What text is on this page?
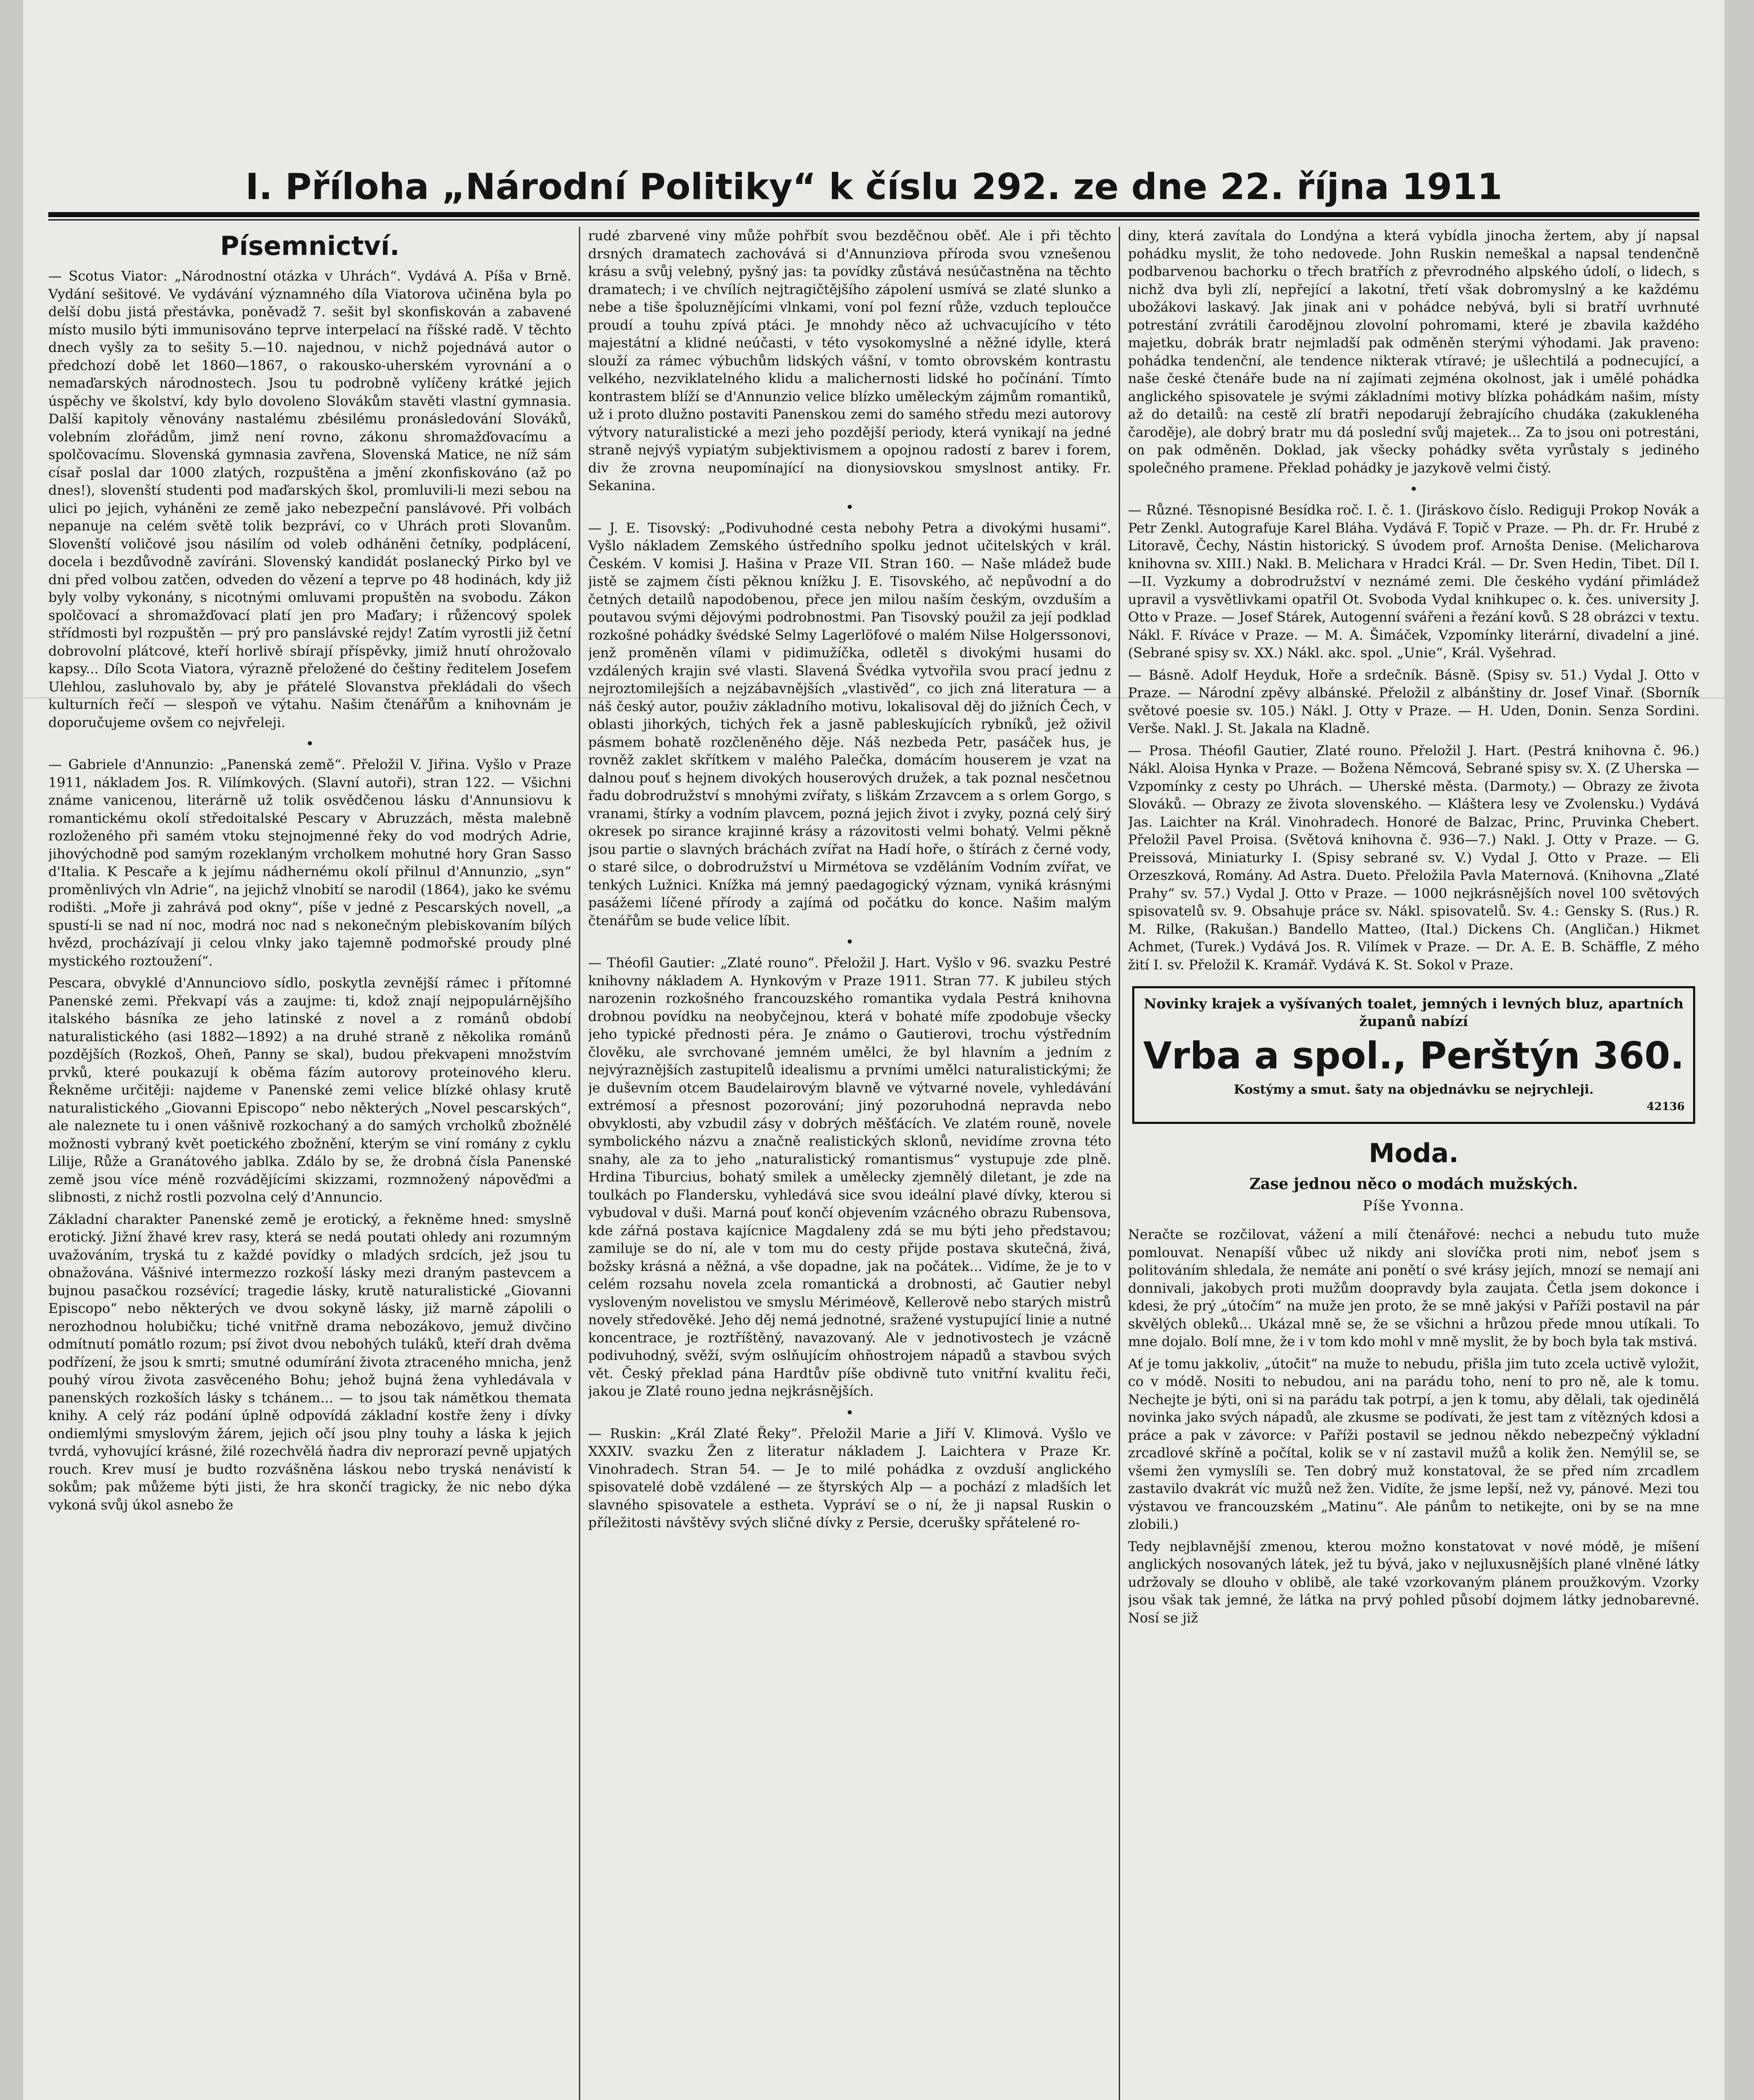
I. Příloha „Národní Politiky“ k číslu 292. ze dne 22. října 1911
Písemnictví.

— Scotus Viator: „Národnostní otázka v Uhrách“. Vydává A. Píša v Brně. Vydání sešitové. Ve vydávání významného díla Viatorova učiněna byla po delší dobu jistá přestávka, poněvadž 7. sešit byl skonfiskován a zabavené místo musilo býti immunisováno teprve interpelací na říšské radě. V těchto dnech vyšly za to sešity 5.—10. najednou, v nichž pojednává autor o předchozí době let 1860—1867, o rakousko-uherském vyrovnání a o nemaďarských národnostech. Jsou tu podrobně vylíčeny krátké jejich úspěchy ve školství, kdy bylo dovoleno Slovákům stavěti vlastní gymnasia. Další kapitoly věnovány nastalému zbésilému pronásledování Slováků, volebním zlořádům, jimž není rovno, zákonu shromažďovacímu a spolčovacímu. Slovenská gymnasia zavřena, Slovenská Matice, ne níž sám císař poslal dar 1000 zlatých, rozpuštěna a jmění zkonfiskováno (až po dnes!), slovenští studenti pod maďarských škol, promluvili-li mezi sebou na ulici po jejich, vyháněni ze země jako nebezpeční panslávové. Při volbách nepanuje na celém světě tolik bezpráví, co v Uhrách proti Slovanům. Slovenští voličové jsou násilím od voleb odháněni četníky, podplácení, docela i bezdůvodně zavíráni. Slovenský kandidát poslanecký Pirko byl ve dni před volbou zatčen, odveden do vězení a teprve po 48 hodinách, kdy již byly volby vykonány, s nicotnými omluvami propuštěn na svobodu. Zákon spolčovací a shromažďovací platí jen pro Maďary; i růžencový spolek střídmosti byl rozpuštěn — prý pro panslávské rejdy! Zatím vyrostli již četní dobrovolní plátcové, kteří horlivě sbírají příspěvky, jimiž hnutí ohrožovalo kapsy... Dílo Scota Viatora, výrazně přeložené do češtiny ředitelem Josefem Ulehlou, zasluhovalo by, aby je přátelé Slovanstva překládali do všech kulturních řečí — slespoň ve výtahu. Našim čtenářům a knihovnám je doporučujeme ovšem co nejvřeleji.

•

— Gabriele d'Annunzio: „Panenská země“. Přeložil V. Jiřina. Vyšlo v Praze 1911, nákladem Jos. R. Vilímkových. (Slavní autoři), stran 122. — Všichni známe vanicenou, literárně už tolik osvědčenou lásku d'Annunsiovu k romantickému okolí středoitalské Pescary v Abruzzách, města malebně rozloženého při samém vtoku stejnojmenné řeky do vod modrých Adrie, jihovýchodně pod samým rozeklaným vrcholkem mohutné hory Gran Sasso d'Italia. K Pescaře a k jejímu nádhernému okolí přilnul d'Annunzio, „syn“ proměnlivých vln Adrie“, na jejichž vlnobití se narodil (1864), jako ke svému rodišti. „Moře ji zahrává pod okny“, píše v jedné z Pescarských novell, „a spustí-li se nad ní noc, modrá noc nad s nekonečným plebiskovaním bílých hvězd, procházívají ji celou vlnky jako tajemně podmořské proudy plné mystického roztoužení“.

Pescara, obvyklé d'Annunciovo sídlo, poskytla zevnější rámec i přítomné Panenské zemi. Překvapí vás a zaujme: ti, kdož znají nejpopulárnějšího italského básníka ze jeho latinské z novel a z románů období naturalistického (asi 1882—1892) a na druhé straně z několika románů pozdějších (Rozkoš, Oheň, Panny se skal), budou překvapeni množstvím prvků, které poukazují k oběma fázím autorovy proteinového kleru. Řekněme určitěji: najdeme v Panenské zemi velice blízké ohlasy krutě naturalistického „Giovanni Episcopo“ nebo některých „Novel pescarských“, ale naleznete tu i onen vášnivě rozkochaný a do samých vrcholků zbožnělé možnosti vybraný květ poetického zbožnění, kterým se viní romány z cyklu Lilije, Růže a Granátového jablka. Zdálo by se, že drobná čísla Panenské země jsou více méně rozvádějícími skizzami, rozmnožený nápověďmi a slibnosti, z nichž rostli pozvolna celý d'Annuncio.

Základní charakter Panenské země je erotický, a řekněme hned: smyslně erotický. Jižní žhavé krev rasy, která se nedá poutati ohledy ani rozumným uvažováním, tryská tu z každé povídky o mladých srdcích, jež jsou tu obnažována. Vášnivé intermezzo rozkoší lásky mezi draným pastevcem a bujnou pasačkou rozsévící; tragedie lásky, krutě naturalistické „Giovanni Episcopo“ nebo některých ve dvou sokyně lásky, již marně zápolili o nerozhodnou holubičku; tiché vnitřně drama nebozákovo, jemuž divčino odmítnutí pomátlo rozum; psí život dvou nebohých tuláků, kteří drah dvěma podřízení, že jsou k smrti; smutné odumírání života ztraceného mnicha, jenž pouhý vírou života zasvěceného Bohu; jehož bujná žena vyhledávala v panenských rozkoších lásky s tchánem... — to jsou tak námětkou themata knihy. A celý ráz podání úplně odpovídá základní kostře ženy i dívky ondiemlými smyslovým žárem, jejich očí jsou plny touhy a láska k jejich tvrdá, vyhovující krásné, žilé rozechvělá ňadra div neprorazí pevně upjatých rouch. Krev musí je budto rozvášněna láskou nebo tryská nenávistí k sokům; pak můžeme býti jisti, že hra skončí tragicky, že nic nebo dýka vykoná svůj úkol asnebo že

rudé zbarvené viny může pohřbít svou bezděčnou oběť. Ale i při těchto drsných dramatech zachovává si d'Annunziova příroda svou vznešenou krásu a svůj velebný, pyšný jas: ta povídky zůstává nesúčastněna na těchto dramatech; i ve chvílích nejtragičtějšího zápolení usmívá se zlaté slunko a nebe a tiše špoluznějícími vlnkami, voní pol fezní růže, vzduch teploučce proudí a touhu zpívá ptáci. Je mnohdy něco až uchvacujícího v této majestátní a klidné neúčasti, v této vysokomyslné a něžné idylle, která slouží za rámec výbuchům lidských vášní, v tomto obrovském kontrastu velkého, nezviklatelného klidu a malichernosti lidské ho počínání. Tímto kontrastem blíží se d'Annunzio velice blízko uměleckým zájmům romantiků, už i proto dlužno postaviti Panenskou zemi do samého středu mezi autorovy výtvory naturalistické a mezi jeho pozdější periody, která vynikají na jedné straně nejvýš vypiatým subjektivismem a opojnou radostí z barev i forem, div že zrovna neupomínající na dionysiovskou smyslnost antiky. Fr. Sekanina.

•

— J. E. Tisovský: „Podivuhodné cesta nebohy Petra a divokými husami“. Vyšlo nákladem Zemského ústředního spolku jednot učitelských v král. Českém. V komisi J. Hašina v Praze VII. Stran 160. — Naše mládež bude jistě se zajmem čísti pěknou knížku J. E. Tisovského, ač nepůvodní a do četných detailů napodobenou, přece jen milou naším českým, ovzduším a poutavou svými dějovými podrobnostmi. Pan Tisovský použil za její podklad rozkošné pohádky švédské Selmy Lagerlöfové o malém Nilse Holgerssonovi, jenž proměněn vílami v pidimužíčka, odletěl s divokými husami do vzdálených krajin své vlasti. Slavená Švédka vytvořila svou prací jednu z nejroztomilejších a nejzábavnějších „vlastivěd“, co jich zná literatura — a náš český autor, použiv základního motivu, lokalisoval děj do jižních Čech, v oblasti jihorkých, tichých řek a jasně pableskujících rybníků, jež oživil pásmem bohatě rozčleněného děje. Náš nezbeda Petr, pasáček hus, je rovněž zaklet skřítkem v malého Palečka, domácím houserem je vzat na dalnou pouť s hejnem divokých houserových družek, a tak poznal nesčetnou řadu dobrodružství s mnohými zvířaty, s liškám Zrzavcem a s orlem Gorgo, s vranami, štírky a vodním plavcem, pozná jejich život i zvyky, pozná celý širý okresek po sirance krajinné krásy a rázovitosti velmi bohatý. Velmi pěkně jsou partie o slavných bráchách zvířat na Hadí hoře, o štírách z černé vody, o staré silce, o dobrodružství u Mirmétova se vzděláním Vodním zvířat, ve tenkých Lužnici. Knížka má jemný paedagogický význam, vyniká krásnými pasážemi líčené přírody a zajímá od počátku do konce. Našim malým čtenářům se bude velice líbit.

•

— Théofil Gautier: „Zlaté rouno“. Přeložil J. Hart. Vyšlo v 96. svazku Pestré knihovny nákladem A. Hynkovým v Praze 1911. Stran 77. K jubileu stých narozenin rozkošného francouzského romantika vydala Pestrá knihovna drobnou povídku na neobyčejnou, která v bohaté mífe zpodobuje všecky jeho typické přednosti péra. Je známo o Gautierovi, trochu výstředním člověku, ale svrchované jemném umělci, že byl hlavním a jedním z nejvýraznějších zastupitelů idealismu a prvními umělci naturalistickými; že je duševním otcem Baudelairovým blavně ve výtvarné novele, vyhledávání extrémosí a přesnost pozorování; jiný pozoruhodná nepravda nebo obvyklosti, aby vzbudil zásy v dobrých měšťácích. Ve zlatém rouně, novele symbolického názvu a značně realistických sklonů, nevidíme zrovna této snahy, ale za to jeho „naturalistický romantismus“ vystupuje zde plně. Hrdina Tiburcius, bohatý smilek a umělecky zjemnělý diletant, je zde na toulkách po Flandersku, vyhledává sice svou ideální plavé dívky, kterou si vybudoval v duši. Marná pouť končí objevením vzácného obrazu Rubensova, kde zářná postava kajícnice Magdaleny zdá se mu býti jeho představou; zamiluje se do ní, ale v tom mu do cesty přijde postava skutečná, živá, božsky krásná a něžná, a vše dopadne, jak na počátek... Vidíme, že je to v celém rozsahu novela zcela romantická a drobnosti, ač Gautier nebyl vysloveným novelistou ve smyslu Mériméově, Kellerově nebo starých mistrů novely středověké. Jeho děj nemá jednotné, sražené vystupující linie a nutné koncentrace, je roztříštěný, navazovaný. Ale v jednotivostech je vzácně podivuhodný, svěží, svým oslňujícím ohňostrojem nápadů a stavbou svých vět. Český překlad pána Hardtův píše obdivně tuto vnitřní kvalitu řeči, jakou je Zlaté rouno jedna nejkrásnějších.

•

— Ruskin: „Král Zlaté Řeky“. Přeložil Marie a Jiří V. Klimová. Vyšlo ve XXXIV. svazku Žen z literatur nákladem J. Laichtera v Praze Kr. Vinohradech. Stran 54. — Je to milé pohádka z ovzduší anglického spisovatelé době vzdálené — ze štyrských Alp — a pochází z mladších let slavného spisovatele a estheta. Vypráví se o ní, že ji napsal Ruskin o příležitosti návštěvy svých sličné dívky z Persie, dcerušky spřátelené ro-

diny, která zavítala do Londýna a která vybídla jinocha žertem, aby jí napsal pohádku myslit, že toho nedovede. John Ruskin nemeškal a napsal tendenčně podbarvenou bachorku o třech bratřích z převrodného alpského údolí, o lidech, s nichž dva byli zlí, nepřející a lakotní, třetí však dobromyslný a ke každému ubožákovi laskavý. Jak jinak ani v pohádce nebývá, byli si bratří uvrhnuté potrestání zvrátili čarodějnou zlovolní pohromami, které je zbavila každého majetku, dobrák bratr nejmladší pak odměněn sterými výhodami. Jak praveno: pohádka tendenční, ale tendence nikterak vtíravé; je ušlechtilá a podnecující, a naše české čtenáře bude na ní zajímati zejména okolnost, jak i umělé pohádka anglického spisovatele je svými základními motivy blízka pohádkám našim, místy až do detailů: na cestě zlí bratři nepodarují žebrajícího chudáka (zakuklenéha čaroděje), ale dobrý bratr mu dá poslední svůj majetek... Za to jsou oni potrestáni, on pak odměněn. Doklad, jak všecky pohádky světa vyrůstaly s jediného společného pramene. Překlad pohádky je jazykově velmi čistý.

•

— Různé. Těsnopisné Besídka roč. I. č. 1. (Jiráskovo číslo. Rediguji Prokop Novák a Petr Zenkl. Autografuje Karel Bláha. Vydává F. Topič v Praze. — Ph. dr. Fr. Hrubé z Litoravě, Čechy, Nástin historický. S úvodem prof. Arnošta Denise. (Melicharova knihovna sv. XIII.) Nakl. B. Melichara v Hradci Král. — Dr. Sven Hedin, Tibet. Díl I.—II. Vyzkumy a dobrodružství v neznámé zemi. Dle českého vydání přimládež upravil a vysvětlivkami opatřil Ot. Svoboda Vydal knihkupec o. k. čes. university J. Otto v Praze. — Josef Stárek, Autogenní svářeni a řezání kovů. S 28 obrázci v textu. Nákl. F. Ríváce v Praze. — M. A. Šimáček, Vzpomínky literární, divadelní a jiné. (Sebrané spisy sv. XX.) Nákl. akc. spol. „Unie“, Král. Vyšehrad.

— Básně. Adolf Heyduk, Hoře a srdečník. Básně. (Spisy sv. 51.) Vydal J. Otto v Praze. — Národní zpěvy albánské. Přeložil z albánštiny dr. Josef Vinař. (Sborník světové poesie sv. 105.) Nákl. J. Otty v Praze. — H. Uden, Donin. Senza Sordini. Verše. Nakl. J. St. Jakala na Kladně.

— Prosa. Théofil Gautier, Zlaté rouno. Přeložil J. Hart. (Pestrá knihovna č. 96.) Nákl. Aloisa Hynka v Praze. — Božena Němcová, Sebrané spisy sv. X. (Z Uherska — Vzpomínky z cesty po Uhrách. — Uherské města. (Darmoty.) — Obrazy ze života Slováků. — Obrazy ze života slovenského. — Kláštera lesy ve Zvolensku.) Vydává Jas. Laichter na Král. Vinohradech. Honoré de Balzac, Princ, Pruvinka Chebert. Přeložil Pavel Proisa. (Světová knihovna č. 936—7.) Nakl. J. Otty v Praze. — G. Preissová, Miniaturky I. (Spisy sebrané sv. V.) Vydal J. Otto v Praze. — Eli Orzeszková, Romány. Ad Astra. Dueto. Přeložila Pavla Maternová. (Knihovna „Zlaté Prahy“ sv. 57.) Vydal J. Otto v Praze. — 1000 nejkrásnějších novel 100 světových spisovatelů sv. 9. Obsahuje práce sv. Nákl. spisovatelů. Sv. 4.: Gensky S. (Rus.) R. M. Rilke, (Rakušan.) Bandello Matteo, (Ital.) Dickens Ch. (Angličan.) Hikmet Achmet, (Turek.) Vydává Jos. R. Vilímek v Praze. — Dr. A. E. B. Schäffle, Z mého žití I. sv. Přeložil K. Kramář. Vydává K. St. Sokol v Praze.

Novinky krajek a vyšívaných toalet, jemných i levných bluz, apartních županů nabízí
Vrba a spol., Perštýn 360.
Kostýmy a smut. šaty na objednávku se nejrychleji.
42136
Moda.
Zase jednou něco o modách mužských.
Píše Yvonna.

Neračte se rozčilovat, vážení a milí čtenářové: nechci a nebudu tuto muže pomlouvat. Nenapíší vůbec už nikdy ani slovíčka proti nim, neboť jsem s politováním shledala, že nemáte ani ponětí o své krásy jejích, mnozí se nemají ani donnivali, jakobych proti mužům doopravdy byla zaujata. Četla jsem dokonce i kdesi, že prý „útočím“ na muže jen proto, že se mně jakýsi v Paříži postavil na pár skvělých obleků... Ukázal mně se, že se všichni a hrůzou přede mnou utíkali. To mne dojalo. Bolí mne, že i v tom kdo mohl v mně myslit, že by boch byla tak mstivá.

Ať je tomu jakkoliv, „útočit“ na muže to nebudu, přišla jim tuto zcela uctivě vyložit, co v módě. Nositi to nebudou, ani na parádu toho, není to pro ně, ale k tomu. Nechejte je býti, oni si na parádu tak potrpí, a jen k tomu, aby dělali, tak ojedinělá novinka jako svých nápadů, ale zkusme se podívati, že jest tam z vítězných kdosi a práce a pak v závorce: v Paříži postavil se jednou někdo nebezpečný výkladní zrcadlové skříně a počítal, kolik se v ní zastavil mužů a kolik žen. Nemýlil se, se všemi žen vymyslíli se. Ten dobrý muž konstatoval, že se před ním zrcadlem zastavilo dvakrát víc mužů než žen. Vidíte, že jsme lepší, než vy, pánové. Mezi tou výstavou ve francouzském „Matinu“. Ale pánům to netikejte, oni by se na mne zlobili.)

Tedy nejblavnější zmenou, kterou možno konstatovat v nové módě, je míšení anglických nosovaných látek, jež tu bývá, jako v nejluxusnějších plané vlněné látky udržovaly se dlouho v oblibě, ale také vzorkovaným plánem proužkovým. Vzorky jsou však tak jemné, že látka na prvý pohled působí dojmem látky jednobarevné. Nosí se již
